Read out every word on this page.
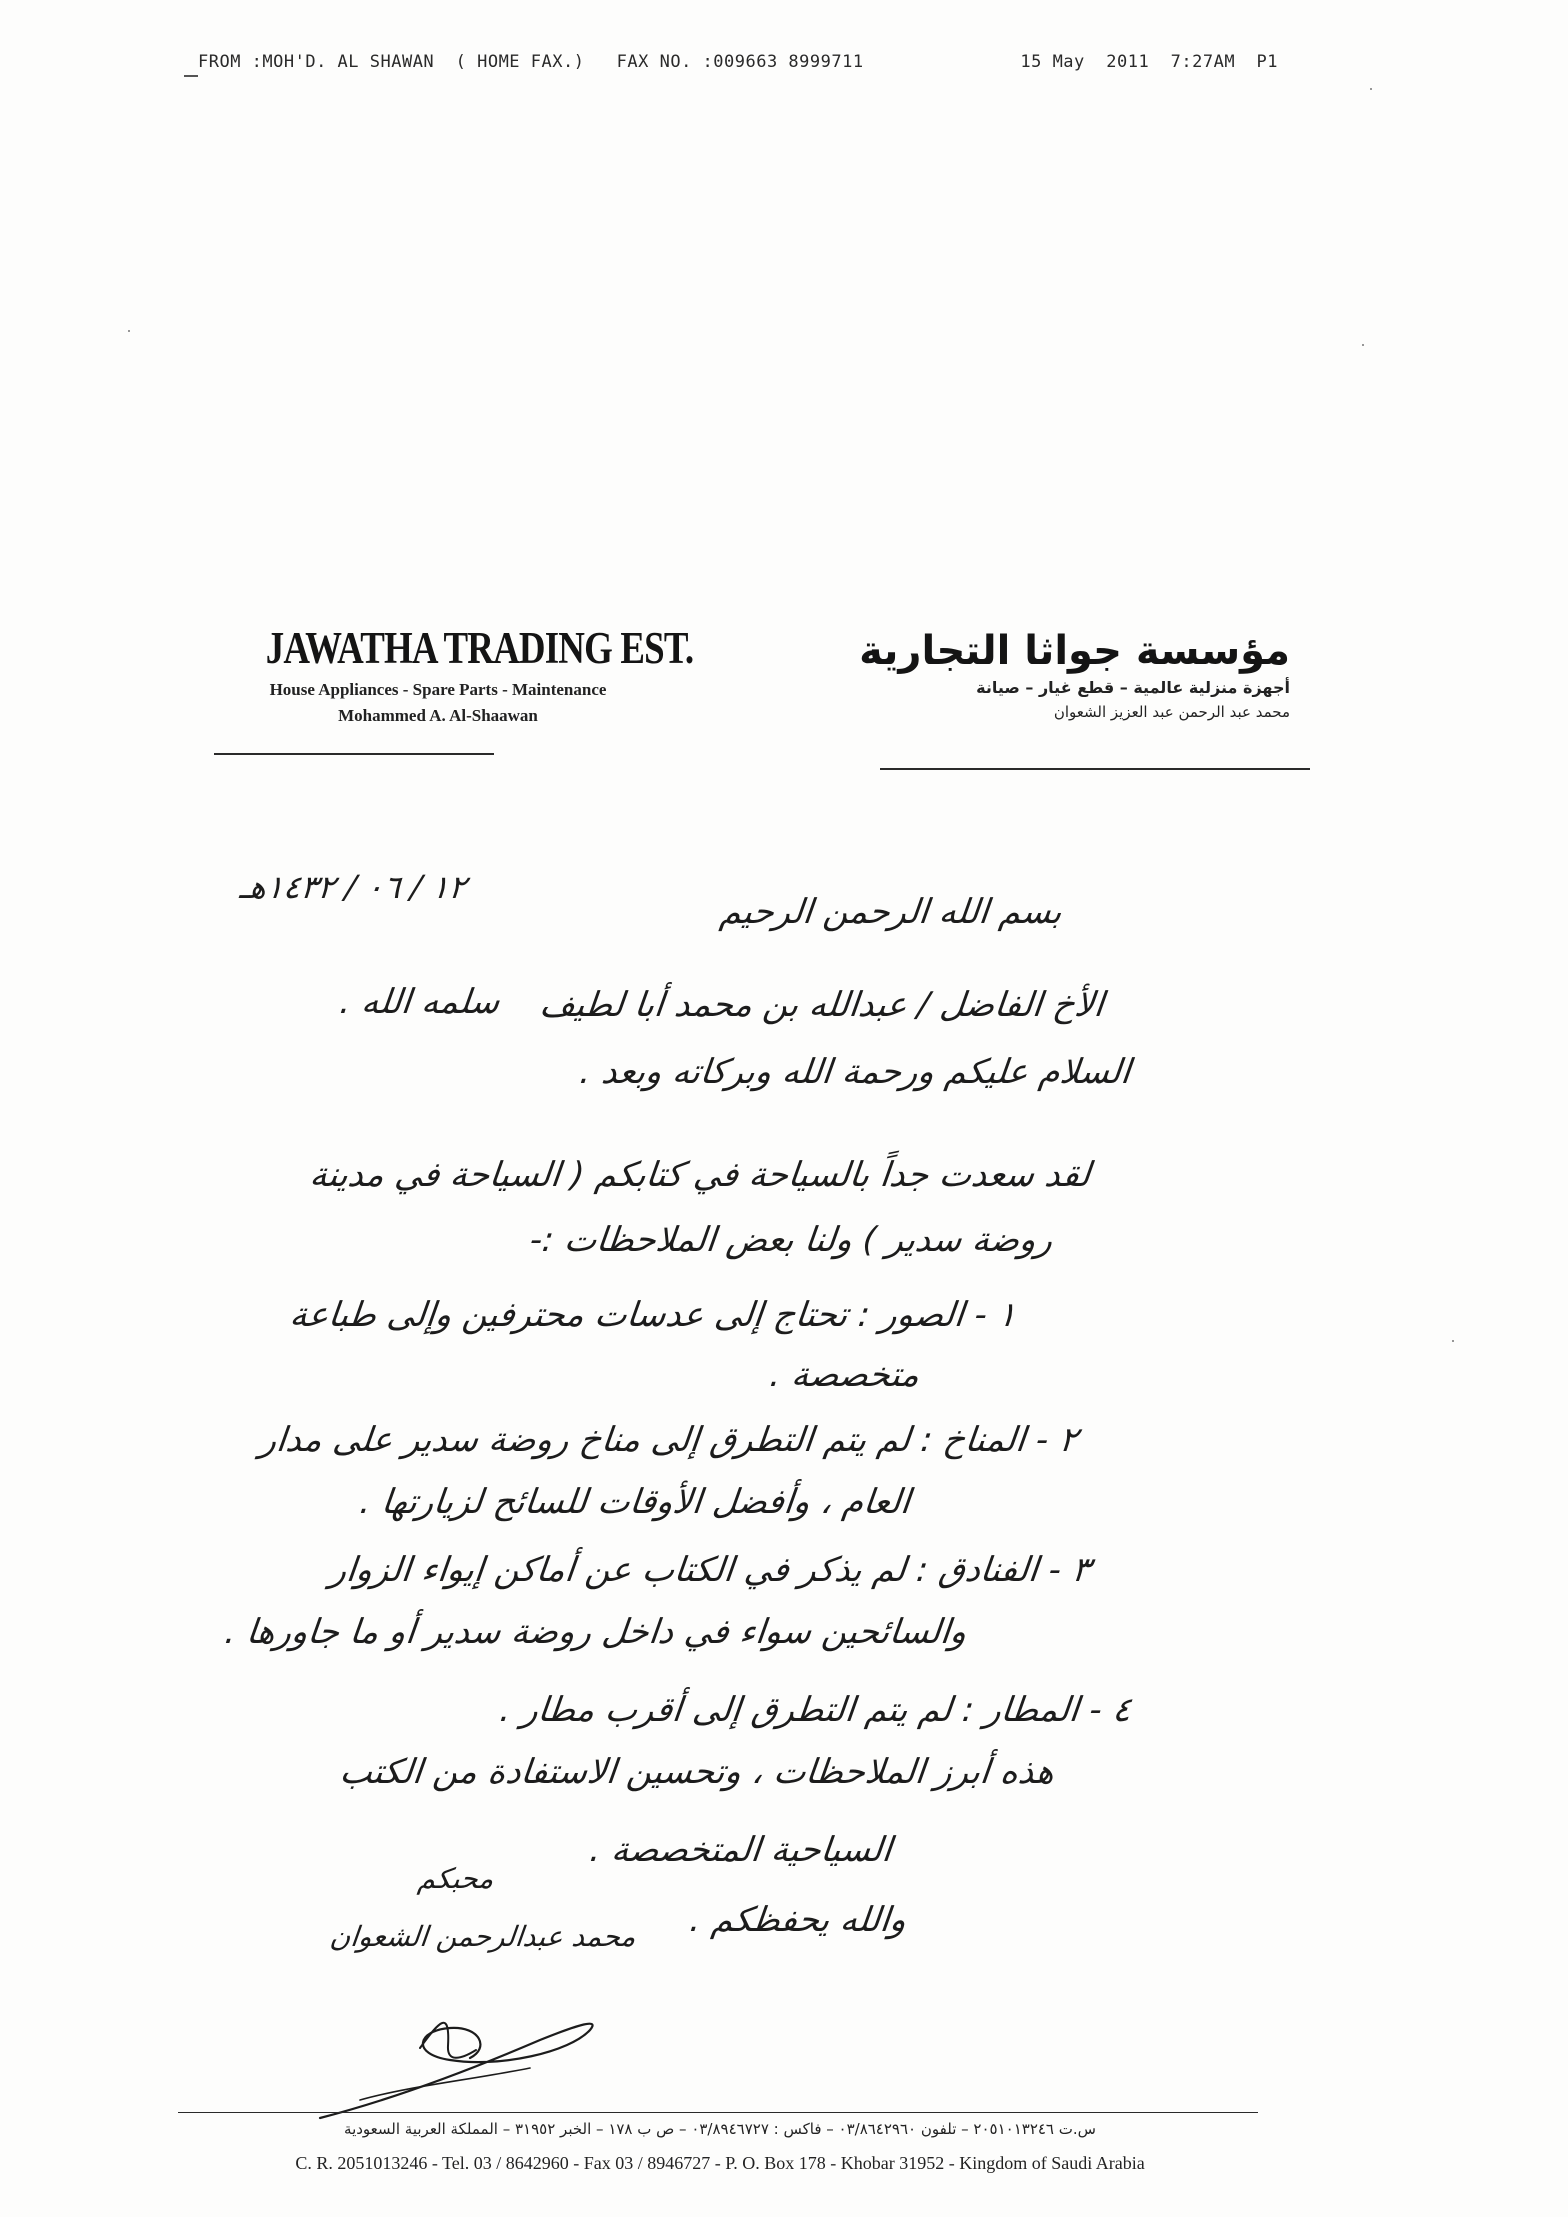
FROM :MOH'D. AL SHAWAN  ( HOME FAX.)   FAX NO. :009663 8999711	15 May  2011  7:27AM  P1
JAWATHA TRADING EST.
House Appliances - Spare Parts - Maintenance
Mohammed A. Al-Shaawan
مؤسسة جواثا التجارية
أجهزة منزلية عالمية – قطع غيار – صيانة
محمد عبد الرحمن عبد العزيز الشعوان
١٢ / ٠٦ / ١٤٣٢هـ
بسم الله الرحمن الرحيم
الأخ الفاضل / عبدالله بن محمد أبا لطيف
سلمه الله .
السلام عليكم ورحمة الله وبركاته وبعد .
لقد سعدت جداً بالسياحة في كتابكم ( السياحة في مدينة
روضة سدير ) ولنا بعض الملاحظات :-
١ - الصور : تحتاج إلى عدسات محترفين وإلى طباعة
متخصصة .
٢ - المناخ : لم يتم التطرق إلى مناخ روضة سدير على مدار
العام ، وأفضل الأوقات للسائح لزيارتها .
٣ - الفنادق : لم يذكر في الكتاب عن أماكن إيواء الزوار
والسائحين سواء في داخل روضة سدير أو ما جاورها .
٤ - المطار : لم يتم التطرق إلى أقرب مطار .
هذه أبرز الملاحظات ، وتحسين الاستفادة من الكتب
السياحية المتخصصة .
والله يحفظكم .
محبكم
محمد عبدالرحمن الشعوان
س.ت ٢٠٥١٠١٣٢٤٦ – تلفون ٠٣/٨٦٤٢٩٦٠ – فاكس : ٠٣/٨٩٤٦٧٢٧ – ص ب ١٧٨ – الخبر ٣١٩٥٢ – المملكة العربية السعودية
C. R. 2051013246 - Tel. 03 / 8642960 - Fax 03 / 8946727 - P. O. Box 178 - Khobar 31952 - Kingdom of Saudi Arabia
